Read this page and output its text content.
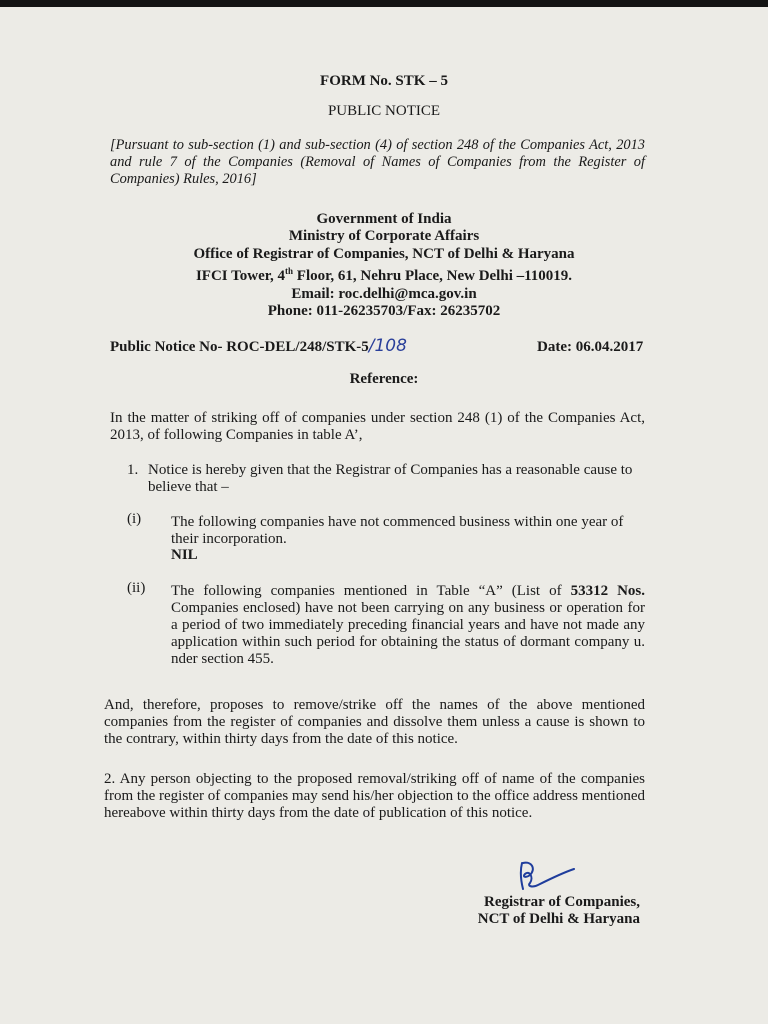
FORM No. STK – 5
PUBLIC NOTICE

[Pursuant to sub-section (1) and sub-section (4) of section 248 of the Companies Act, 2013 and rule 7 of the Companies (Removal of Names of Companies from the Register of Companies) Rules, 2016]

Government of India
Ministry of Corporate Affairs
Office of Registrar of Companies, NCT of Delhi & Haryana
IFCI Tower, 4th Floor, 61, Nehru Place, New Delhi –110019.
Email: roc.delhi@mca.gov.in
Phone: 011-26235703/Fax: 26235702
Public Notice No- ROC-DEL/248/STK-5/108	Date: 06.04.2017
Reference:

In the matter of striking off of companies under section 248 (1) of the Companies Act, 2013, of following Companies in table A’,

1. Notice is hereby given that the Registrar of Companies has a reasonable cause to believe that –

(i) The following companies have not commenced business within one year of their incorporation.

NIL
(ii) The following companies mentioned in Table “A” (List of 53312 Nos. Companies enclosed) have not been carrying on any business or operation for a period of two immediately preceding financial years and have not made any application within such period for obtaining the status of dormant company u. nder section 455.

And, therefore, proposes to remove/strike off the names of the above mentioned companies from the register of companies and dissolve them unless a cause is shown to the contrary, within thirty days from the date of this notice.

2. Any person objecting to the proposed removal/striking off of name of the companies from the register of companies may send his/her objection to the office address mentioned hereabove within thirty days from the date of publication of this notice.

Registrar of Companies,
NCT of Delhi & Haryana
